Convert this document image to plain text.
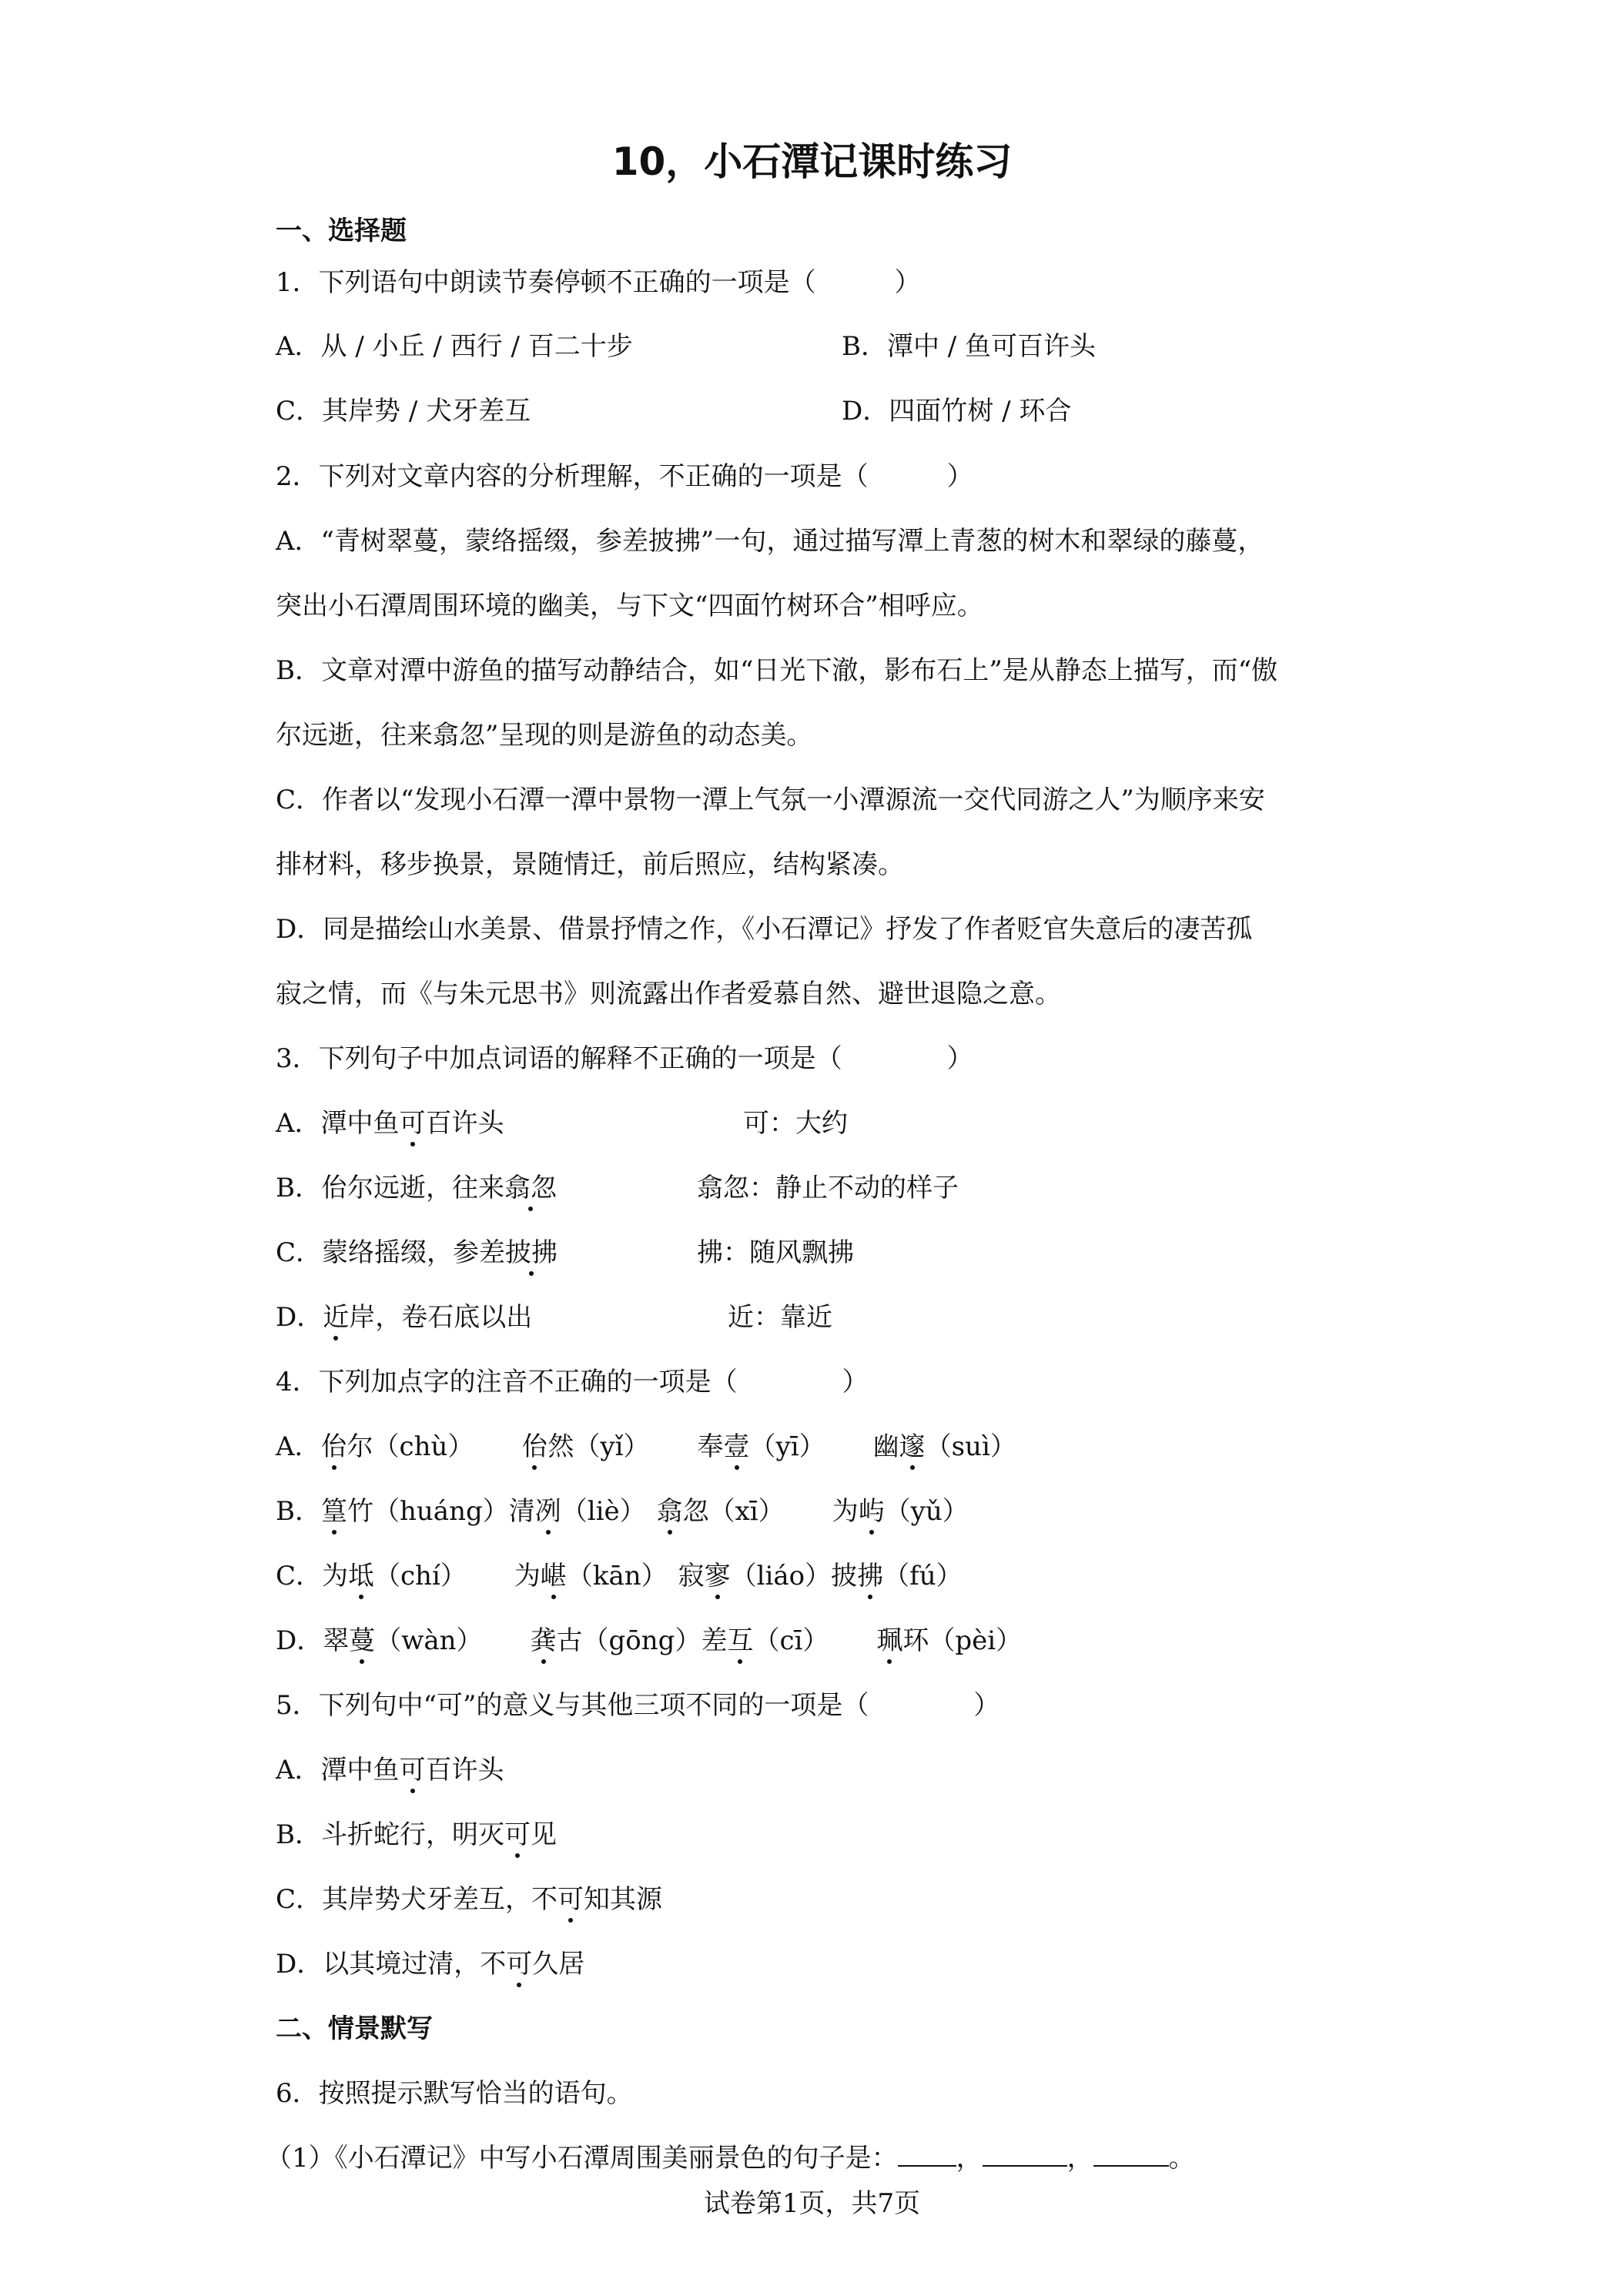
10，小石潭记课时练习
一、选择题
1．下列语句中朗读节奏停顿不正确的一项是（　　　）
A．从 / 小丘 / 西行 / 百二十步	B．潭中 / 鱼可百许头
C．其岸势 / 犬牙差互	D．四面竹树 / 环合
2．下列对文章内容的分析理解，不正确的一项是（　　　）
A．“青树翠蔓，蒙络摇缀，参差披拂”一句，通过描写潭上青葱的树木和翠绿的藤蔓，
突出小石潭周围环境的幽美，与下文“四面竹树环合”相呼应。
B．文章对潭中游鱼的描写动静结合，如“日光下澈，影布石上”是从静态上描写，而“傲
尔远逝，往来翕忽”呈现的则是游鱼的动态美。
C．作者以“发现小石潭一潭中景物一潭上气氛一小潭源流一交代同游之人”为顺序来安
排材料，移步换景，景随情迁，前后照应，结构紧凑。
D．同是描绘山水美景、借景抒情之作，《小石潭记》抒发了作者贬官失意后的凄苦孤
寂之情，而《与朱元思书》则流露出作者爱慕自然、避世退隐之意。
3．下列句子中加点词语的解释不正确的一项是（　　　　）
A．潭中鱼可百许头	可：大约
B．佁尔远逝，往来翕忽	翕忽：静止不动的样子
C．蒙络摇缀，参差披拂	拂：随风飘拂
D．近岸，卷石底以出	近：靠近
4．下列加点字的注音不正确的一项是（　　　　）
A．佁尔（chù） 佁然（yǐ） 奉壹（yī） 幽邃（suì）
B．篁竹（huáng）清冽（liè） 翕忽（xī） 为屿（yǔ）
C．为坻（chí） 为嵁（kān） 寂寥（liáo）披拂（fú）
D．翠蔓（wàn） 龚古（gōng）差互（cī） 珮环（pèi）
5．下列句中“可”的意义与其他三项不同的一项是（　　　　）
A．潭中鱼可百许头
B．斗折蛇行，明灭可见
C．其岸势犬牙差互，不可知其源
D．以其境过清，不可久居
二、情景默写
6．按照提示默写恰当的语句。
（1）《小石潭记》中写小石潭周围美丽景色的句子是： ，	，	。
试卷第1页，共7页
